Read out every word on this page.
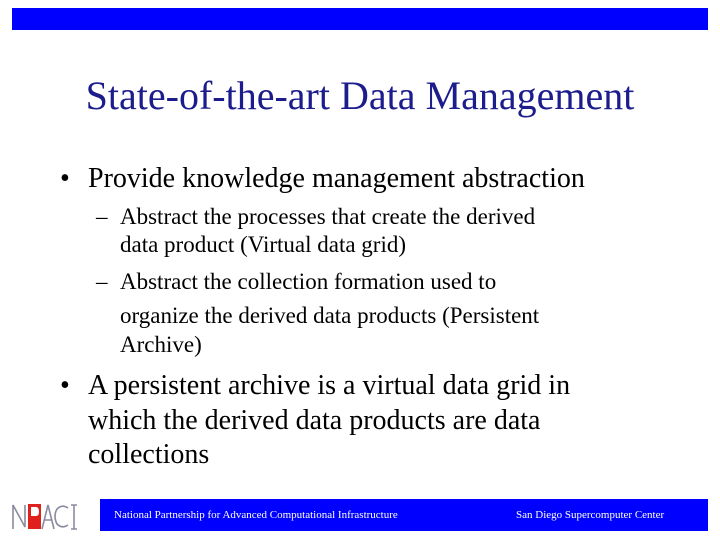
State-of-the-art Data Management
• Provide knowledge management abstraction
– Abstract the processes that create the derived
data product (Virtual data grid)
– Abstract the collection formation used to
organize the derived data products (Persistent
Archive)
• A persistent archive is a virtual data grid in
which the derived data products are data
collections
National Partnership for Advanced Computational Infrastructure	San Diego Supercomputer Center
